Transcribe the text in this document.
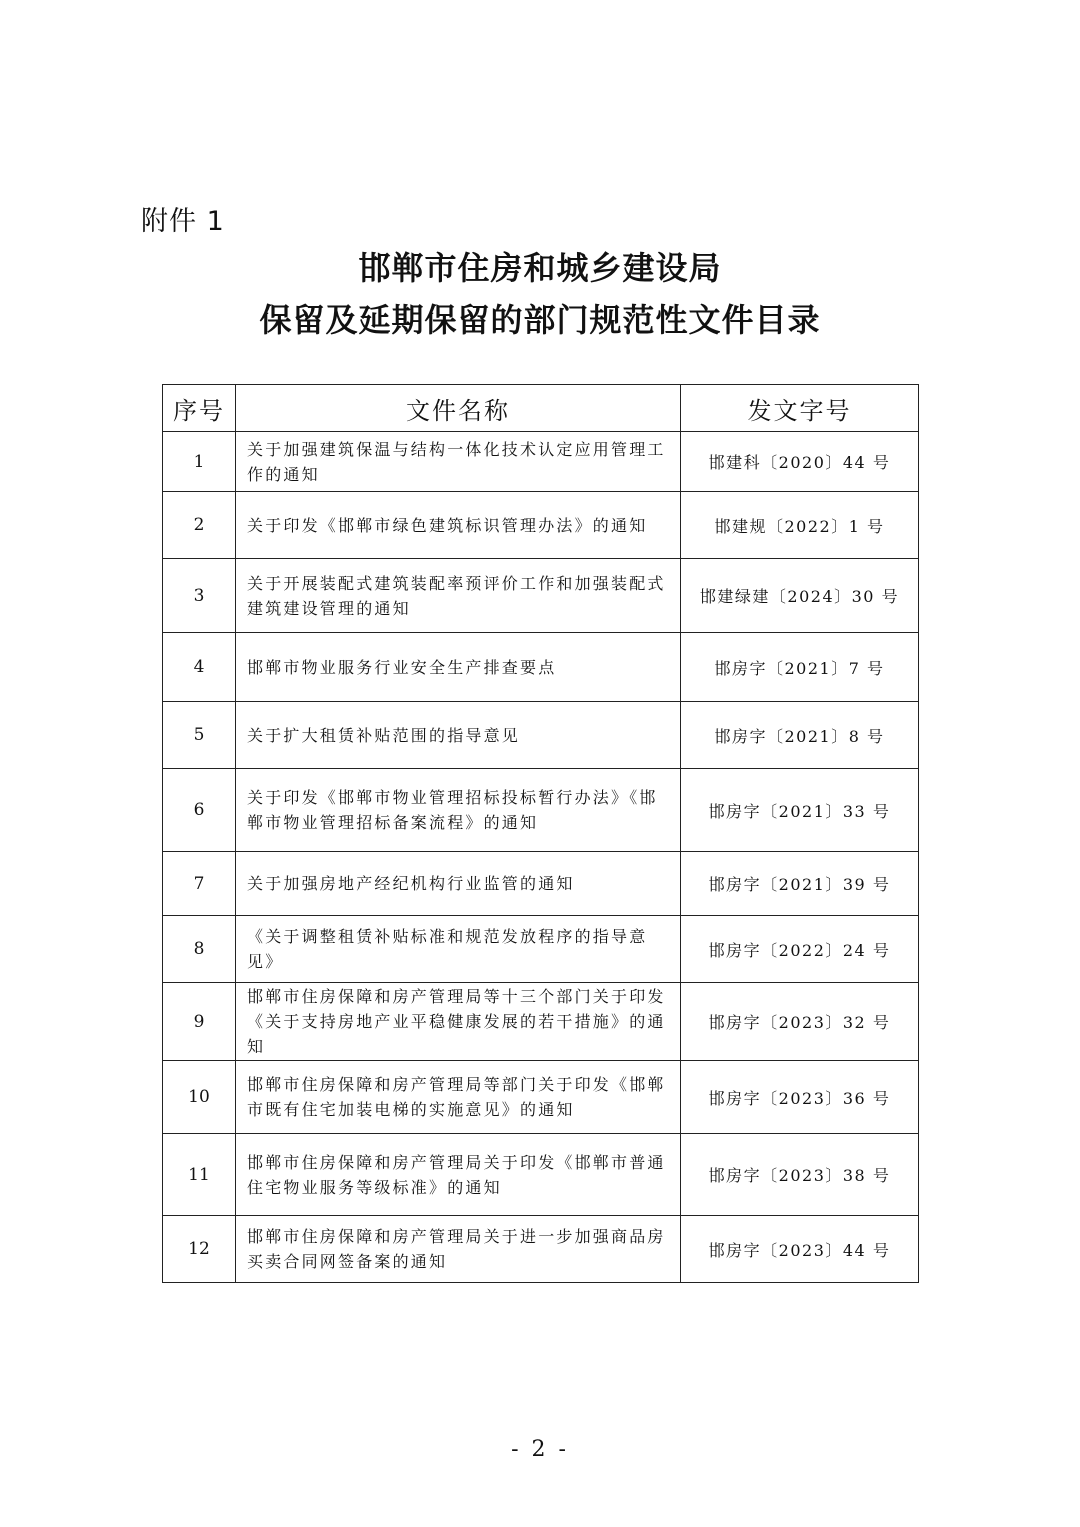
附件 1
邯郸市住房和城乡建设局
保留及延期保留的部门规范性文件目录
序号	文件名称	发文字号
1	关于加强建筑保温与结构一体化技术认定应用管理工作的通知	邯建科〔2020〕44 号
2	关于印发《邯郸市绿色建筑标识管理办法》的通知	邯建规〔2022〕1 号
3	关于开展装配式建筑装配率预评价工作和加强装配式建筑建设管理的通知	邯建绿建〔2024〕30 号
4	邯郸市物业服务行业安全生产排查要点	邯房字〔2021〕7 号
5	关于扩大租赁补贴范围的指导意见	邯房字〔2021〕8 号
6	关于印发《邯郸市物业管理招标投标暂行办法》《邯郸市物业管理招标备案流程》的通知	邯房字〔2021〕33 号
7	关于加强房地产经纪机构行业监管的通知	邯房字〔2021〕39 号
8	《关于调整租赁补贴标准和规范发放程序的指导意见》	邯房字〔2022〕24 号
9	邯郸市住房保障和房产管理局等十三个部门关于印发《关于支持房地产业平稳健康发展的若干措施》的通知	邯房字〔2023〕32 号
10	邯郸市住房保障和房产管理局等部门关于印发《邯郸市既有住宅加装电梯的实施意见》的通知	邯房字〔2023〕36 号
11	邯郸市住房保障和房产管理局关于印发《邯郸市普通住宅物业服务等级标准》的通知	邯房字〔2023〕38 号
12	邯郸市住房保障和房产管理局关于进一步加强商品房买卖合同网签备案的通知	邯房字〔2023〕44 号
- 2 -
